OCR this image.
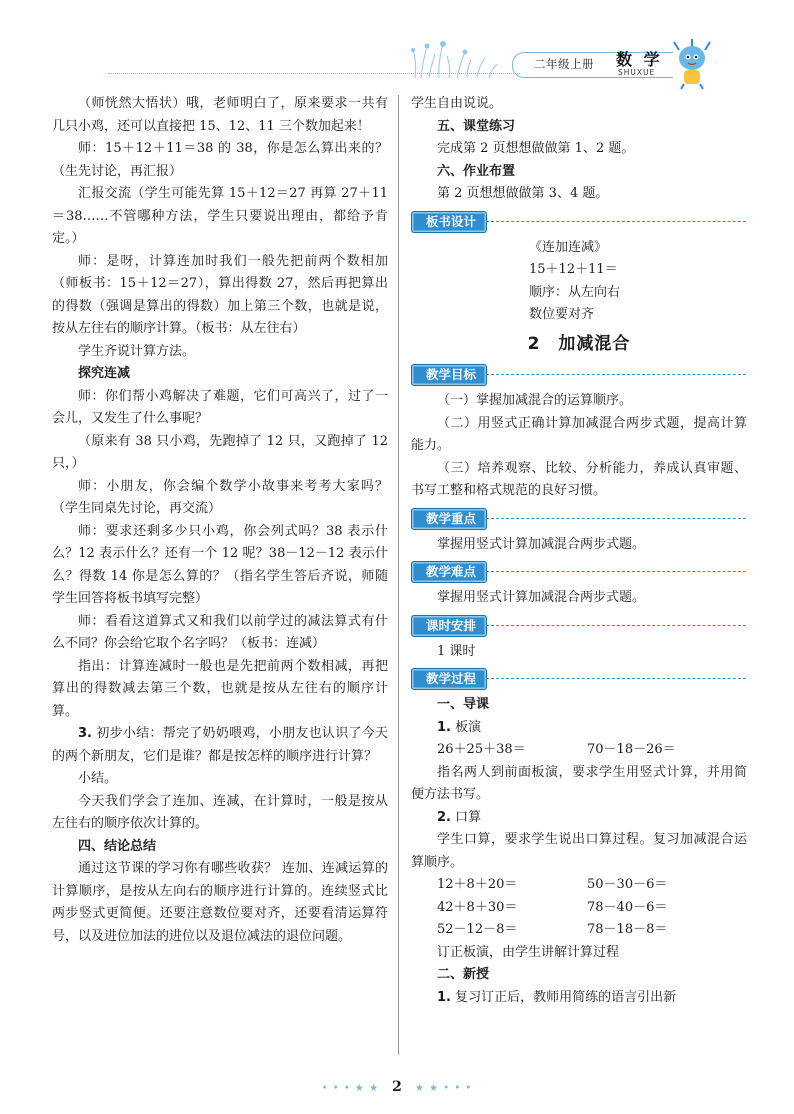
二年级上册 数 学
SHUXUE

（师恍然大悟状）哦，老师明白了，原来要求一共有几只小鸡，还可以直接把 15、12、11 三个数加起来！

师：15＋12＋11＝38 的 38，你是怎么算出来的？（生先讨论，再汇报）

汇报交流（学生可能先算 15＋12＝27 再算 27＋11＝38……不管哪种方法，学生只要说出理由，都给予肯定。）

师：是呀，计算连加时我们一般先把前两个数相加（师板书：15＋12＝27），算出得数 27，然后再把算出的得数（强调是算出的得数）加上第三个数，也就是说，按从左往右的顺序计算。（板书：从左往右）

学生齐说计算方法。

探究连减

师：你们帮小鸡解决了难题，它们可高兴了，过了一会儿，又发生了什么事呢？

（原来有 38 只小鸡，先跑掉了 12 只，又跑掉了 12 只，）

师：小朋友，你会编个数学小故事来考考大家吗？（学生同桌先讨论，再交流）

师：要求还剩多少只小鸡，你会列式吗？38 表示什么？12 表示什么？还有一个 12 呢？38－12－12 表示什么？得数 14 你是怎么算的？（指名学生答后齐说，师随学生回答将板书填写完整）

师：看看这道算式又和我们以前学过的减法算式有什么不同？你会给它取个名字吗？（板书：连减）

指出：计算连减时一般也是先把前两个数相减，再把算出的得数减去第三个数，也就是按从左往右的顺序计算。

3. 初步小结：帮完了奶奶喂鸡，小朋友也认识了今天的两个新朋友，它们是谁？都是按怎样的顺序进行计算？

小结。

今天我们学会了连加、连减，在计算时，一般是按从左往右的顺序依次计算的。

四、结论总结

通过这节课的学习你有哪些收获？ 连加、连减运算的计算顺序，是按从左向右的顺序进行计算的。连续竖式比两步竖式更简便。还要注意数位要对齐，还要看清运算符号，以及进位加法的进位以及退位减法的退位问题。

学生自由说说。

五、课堂练习

完成第 2 页想想做做第 1、2 题。

六、作业布置

第 2 页想想做做第 3、4 题。

板书设计

《连加连减》

15＋12＋11＝

顺序：从左向右

数位要对齐

2　加减混合
教学目标

（一）掌握加减混合的运算顺序。

（二）用竖式正确计算加减混合两步式题，提高计算能力。

（三）培养观察、比较、分析能力，养成认真审题、书写工整和格式规范的良好习惯。

教学重点

掌握用竖式计算加减混合两步式题。

教学难点

掌握用竖式计算加减混合两步式题。

课时安排

1 课时

教学过程

一、导课

1. 板演

26＋25＋38＝	70－18－26＝

指名两人到前面板演，要求学生用竖式计算，并用简便方法书写。

2. 口算

学生口算，要求学生说出口算过程。复习加减混合运算顺序。

12＋8＋20＝	50－30－6＝
42＋8＋30＝	78－40－6＝
52－12－8＝	78－18－8＝

订正板演，由学生讲解计算过程

二、新授

1. 复习订正后，教师用简练的语言引出新

• • • ★ ★ 2 ★ ★ • • •
